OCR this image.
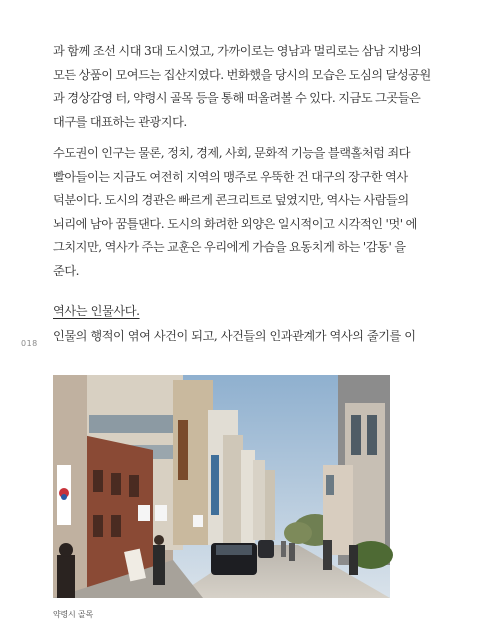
과 함께 조선 시대 3대 도시였고, 가까이로는 영남과 멀리로는 삼남 지방의
모든 상품이 모여드는 집산지였다. 번화했을 당시의 모습은 도심의 달성공원
과 경상감영 터, 약령시 골목 등을 통해 떠올려볼 수 있다. 지금도 그곳들은
대구를 대표하는 관광지다.
수도권이 인구는 물론, 정치, 경제, 사회, 문화적 기능을 블랙홀처럼 죄다
빨아들이는 지금도 여전히 지역의 맹주로 우뚝한 건 대구의 장구한 역사
덕분이다. 도시의 경관은 빠르게 콘크리트로 덮였지만, 역사는 사람들의
뇌리에 남아 꿈틀댄다. 도시의 화려한 외양은 일시적이고 시각적인 '멋' 에
그치지만, 역사가 주는 교훈은 우리에게 가슴을 요동치게 하는 '감동' 을
준다.
역사는 인물사다.
인물의 행적이 엮여 사건이 되고, 사건들의 인과관계가 역사의 줄기를 이
018
약령시 골목
